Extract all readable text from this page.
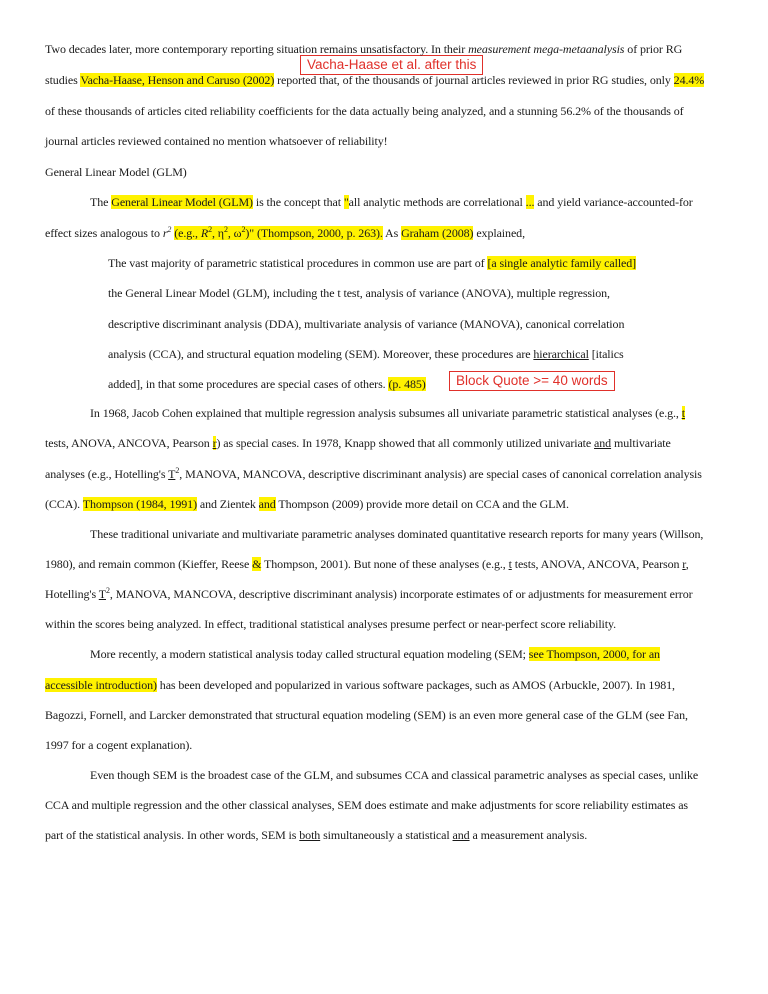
Vacha-Haase et al. after this
Block Quote >= 40 words
Two decades later, more contemporary reporting situation remains unsatisfactory. In their measurement mega-metaanalysis of prior RG
studies Vacha-Haase, Henson and Caruso (2002) reported that, of the thousands of journal articles reviewed in prior RG studies, only 24.4%
of these thousands of articles cited reliability coefficients for the data actually being analyzed, and a stunning 56.2% of the thousands of
journal articles reviewed contained no mention whatsoever of reliability!
General Linear Model (GLM)
The General Linear Model (GLM) is the concept that "all analytic methods are correlational ... and yield variance-accounted-for
effect sizes analogous to $r^2$ (e.g., $R^2$, $\eta^2$, $\omega^2$)" (Thompson, 2000, p. 263). As Graham (2008) explained,
The vast majority of parametric statistical procedures in common use are part of [a single analytic family called]
the General Linear Model (GLM), including the t test, analysis of variance (ANOVA), multiple regression,
descriptive discriminant analysis (DDA), multivariate analysis of variance (MANOVA), canonical correlation
analysis (CCA), and structural equation modeling (SEM). Moreover, these procedures are hierarchical [italics
added], in that some procedures are special cases of others. (p. 485)
In 1968, Jacob Cohen explained that multiple regression analysis subsumes all univariate parametric statistical analyses (e.g., t
tests, ANOVA, ANCOVA, Pearson r) as special cases. In 1978, Knapp showed that all commonly utilized univariate and multivariate
analyses (e.g., Hotelling's $T^2$, MANOVA, MANCOVA, descriptive discriminant analysis) are special cases of canonical correlation analysis
(CCA). Thompson (1984, 1991) and Zientek and Thompson (2009) provide more detail on CCA and the GLM.
These traditional univariate and multivariate parametric analyses dominated quantitative research reports for many years (Willson,
1980), and remain common (Kieffer, Reese & Thompson, 2001). But none of these analyses (e.g., t tests, ANOVA, ANCOVA, Pearson r,
Hotelling's $T^2$, MANOVA, MANCOVA, descriptive discriminant analysis) incorporate estimates of or adjustments for measurement error
within the scores being analyzed. In effect, traditional statistical analyses presume perfect or near-perfect score reliability.
More recently, a modern statistical analysis today called structural equation modeling (SEM; see Thompson, 2000, for an
accessible introduction) has been developed and popularized in various software packages, such as AMOS (Arbuckle, 2007). In 1981,
Bagozzi, Fornell, and Larcker demonstrated that structural equation modeling (SEM) is an even more general case of the GLM (see Fan,
1997 for a cogent explanation).
Even though SEM is the broadest case of the GLM, and subsumes CCA and classical parametric analyses as special cases, unlike
CCA and multiple regression and the other classical analyses, SEM does estimate and make adjustments for score reliability estimates as
part of the statistical analysis. In other words, SEM is both simultaneously a statistical and a measurement analysis.
